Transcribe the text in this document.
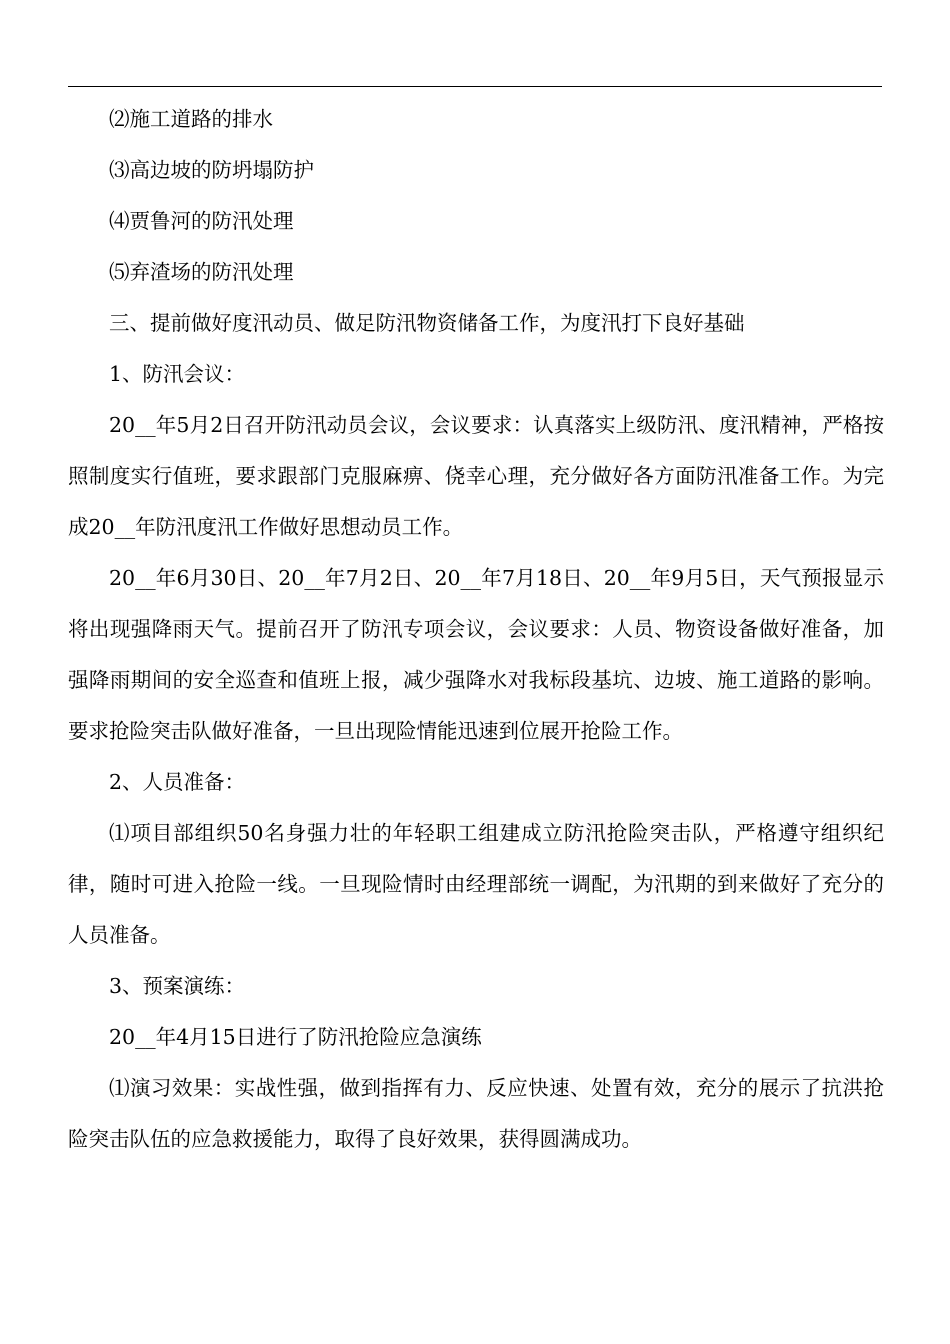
⑵施工道路的排水

⑶高边坡的防坍塌防护

⑷贾鲁河的防汛处理

⑸弃渣场的防汛处理

三、提前做好度汛动员、做足防汛物资储备工作，为度汛打下良好基础

1、防汛会议：

20__年5月2日召开防汛动员会议，会议要求：认真落实上级防汛、度汛精神，严格按照制度实行值班，要求跟部门克服麻痹、侥幸心理，充分做好各方面防汛准备工作。为完成20__年防汛度汛工作做好思想动员工作。

20__年6月30日、20__年7月2日、20__年7月18日、20__年9月5日，天气预报显示将出现强降雨天气。提前召开了防汛专项会议，会议要求：人员、物资设备做好准备，加强降雨期间的安全巡查和值班上报，减少强降水对我标段基坑、边坡、施工道路的影响。要求抢险突击队做好准备，一旦出现险情能迅速到位展开抢险工作。

2、人员准备：

⑴项目部组织50名身强力壮的年轻职工组建成立防汛抢险突击队，严格遵守组织纪律，随时可进入抢险一线。一旦现险情时由经理部统一调配，为汛期的到来做好了充分的人员准备。

3、预案演练：

20__年4月15日进行了防汛抢险应急演练

⑴演习效果：实战性强，做到指挥有力、反应快速、处置有效，充分的展示了抗洪抢险突击队伍的应急救援能力，取得了良好效果，获得圆满成功。
